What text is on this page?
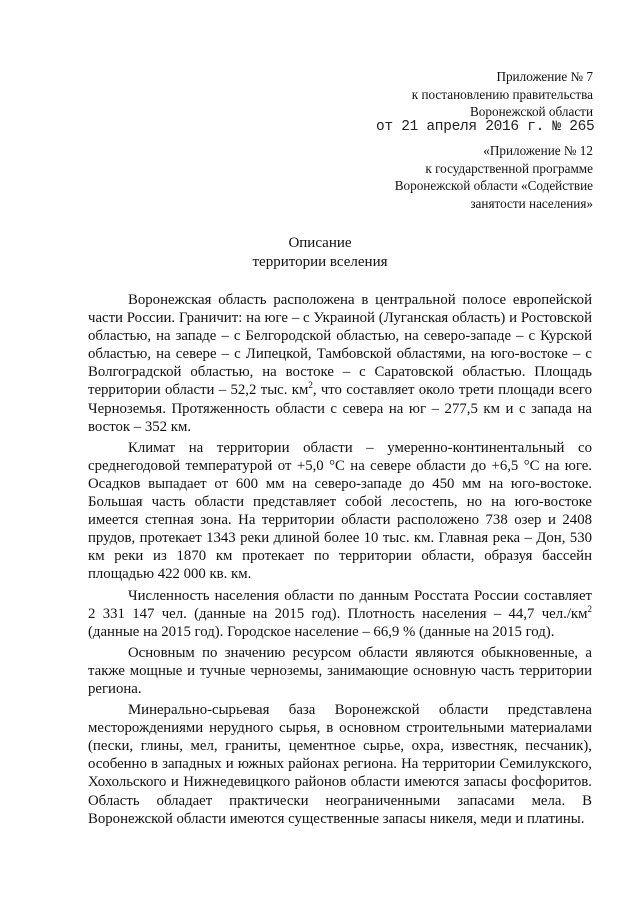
Приложение № 7
к постановлению правительства
Воронежской области
от 21 апреля 2016 г. № 265
«Приложение № 12
к государственной программе
Воронежской области «Содействие
занятости населения»
Описание
территории вселения

Воронежская область расположена в центральной полосе европейской части России. Граничит: на юге – с Украиной (Луганская область) и Ростовской областью, на западе – с Белгородской областью, на северо-западе – с Курской областью, на севере – с Липецкой, Тамбовской областями, на юго-востоке – с Волгоградской областью, на востоке – с Саратовской областью. Площадь территории области – 52,2 тыс. $км^2$, что составляет около трети площади всего Черноземья. Протяженность области с севера на юг – 277,5 км и с запада на восток – 352 км.

Климат на территории области – умеренно-континентальный со среднегодовой температурой от +5,0 °С на севере области до +6,5 °С на юге. Осадков выпадает от 600 мм на северо-западе до 450 мм на юго-востоке. Большая часть области представляет собой лесостепь, но на юго-востоке имеется степная зона. На территории области расположено 738 озер и 2408 прудов, протекает 1343 реки длиной более 10 тыс. км. Главная река – Дон, 530 км реки из 1870 км протекает по территории области, образуя бассейн площадью 422 000 кв. км.

Численность населения области по данным Росстата России составляет 2 331 147 чел. (данные на 2015 год). Плотность населения – 44,7 $чел./км^2$ (данные на 2015 год). Городское население – 66,9 % (данные на 2015 год).

Основным по значению ресурсом области являются обыкновенные, а также мощные и тучные черноземы, занимающие основную часть территории региона.

Минерально-сырьевая база Воронежской области представлена месторождениями нерудного сырья, в основном строительными материалами (пески, глины, мел, граниты, цементное сырье, охра, известняк, песчаник), особенно в западных и южных районах региона. На территории Семилукского, Хохольского и Нижнедевицкого районов области имеются запасы фосфоритов. Область обладает практически неограниченными запасами мела. В Воронежской области имеются существенные запасы никеля, меди и платины.
